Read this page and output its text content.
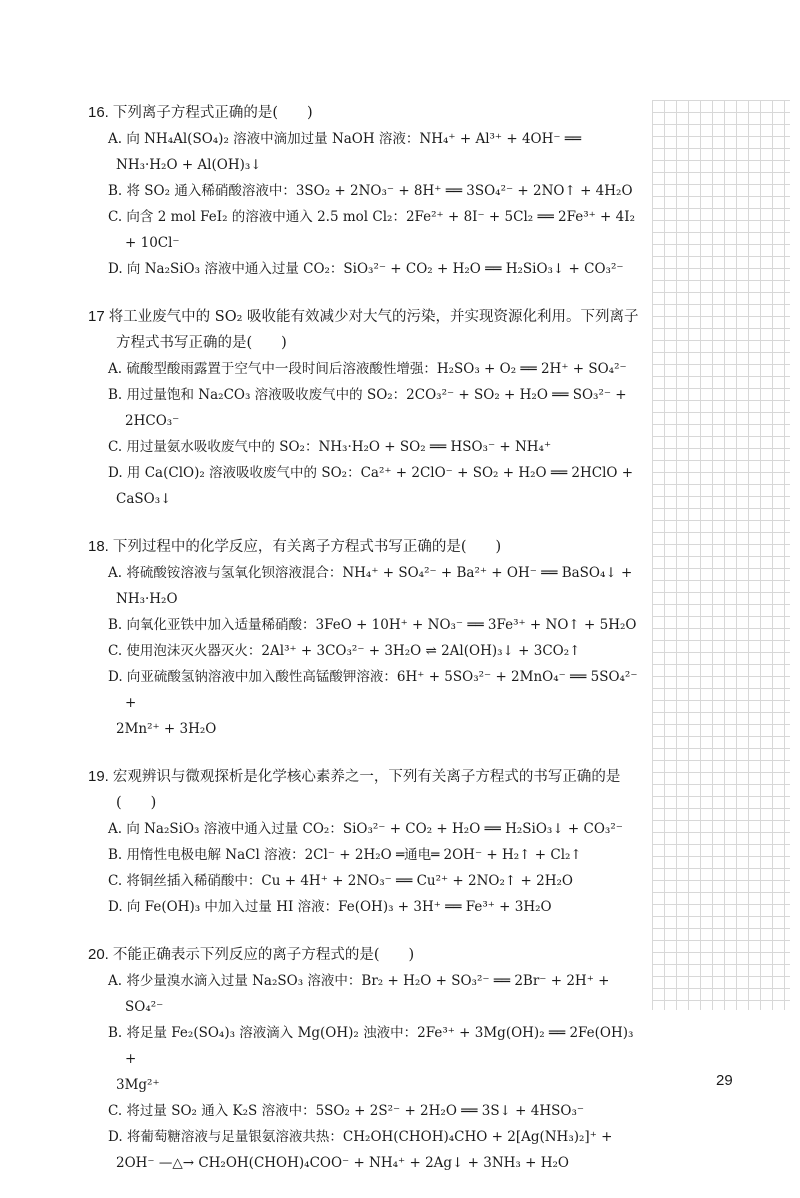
16. 下列离子方程式正确的是(　　)
A. 向 NH₄Al(SO₄)₂ 溶液中滴加过量 NaOH 溶液：NH₄⁺ + Al³⁺ + 4OH⁻ ══
NH₃·H₂O + Al(OH)₃↓
B. 将 SO₂ 通入稀硝酸溶液中：3SO₂ + 2NO₃⁻ + 8H⁺ ══ 3SO₄²⁻ + 2NO↑ + 4H₂O
C. 向含 2 mol FeI₂ 的溶液中通入 2.5 mol Cl₂：2Fe²⁺ + 8I⁻ + 5Cl₂ ══ 2Fe³⁺ + 4I₂ + 10Cl⁻
D. 向 Na₂SiO₃ 溶液中通入过量 CO₂：SiO₃²⁻ + CO₂ + H₂O ══ H₂SiO₃↓ + CO₃²⁻
17 将工业废气中的 SO₂ 吸收能有效减少对大气的污染，并实现资源化利用。下列离子方程式书写正确的是(　　)
A. 硫酸型酸雨露置于空气中一段时间后溶液酸性增强：H₂SO₃ + O₂ ══ 2H⁺ + SO₄²⁻
B. 用过量饱和 Na₂CO₃ 溶液吸收废气中的 SO₂：2CO₃²⁻ + SO₂ + H₂O ══ SO₃²⁻ + 2HCO₃⁻
C. 用过量氨水吸收废气中的 SO₂：NH₃·H₂O + SO₂ ══ HSO₃⁻ + NH₄⁺
D. 用 Ca(ClO)₂ 溶液吸收废气中的 SO₂：Ca²⁺ + 2ClO⁻ + SO₂ + H₂O ══ 2HClO +
CaSO₃↓
18. 下列过程中的化学反应，有关离子方程式书写正确的是(　　)
A. 将硫酸铵溶液与氢氧化钡溶液混合：NH₄⁺ + SO₄²⁻ + Ba²⁺ + OH⁻ ══ BaSO₄↓ +
NH₃·H₂O
B. 向氧化亚铁中加入适量稀硝酸：3FeO + 10H⁺ + NO₃⁻ ══ 3Fe³⁺ + NO↑ + 5H₂O
C. 使用泡沫灭火器灭火：2Al³⁺ + 3CO₃²⁻ + 3H₂O ⇌ 2Al(OH)₃↓ + 3CO₂↑
D. 向亚硫酸氢钠溶液中加入酸性高锰酸钾溶液：6H⁺ + 5SO₃²⁻ + 2MnO₄⁻ ══ 5SO₄²⁻ +
2Mn²⁺ + 3H₂O
19. 宏观辨识与微观探析是化学核心素养之一，下列有关离子方程式的书写正确的是(　　)
A. 向 Na₂SiO₃ 溶液中通入过量 CO₂：SiO₃²⁻ + CO₂ + H₂O ══ H₂SiO₃↓ + CO₃²⁻
B. 用惰性电极电解 NaCl 溶液：2Cl⁻ + 2H₂O ═通电═ 2OH⁻ + H₂↑ + Cl₂↑
C. 将铜丝插入稀硝酸中：Cu + 4H⁺ + 2NO₃⁻ ══ Cu²⁺ + 2NO₂↑ + 2H₂O
D. 向 Fe(OH)₃ 中加入过量 HI 溶液：Fe(OH)₃ + 3H⁺ ══ Fe³⁺ + 3H₂O
20. 不能正确表示下列反应的离子方程式的是(　　)
A. 将少量溴水滴入过量 Na₂SO₃ 溶液中：Br₂ + H₂O + SO₃²⁻ ══ 2Br⁻ + 2H⁺ + SO₄²⁻
B. 将足量 Fe₂(SO₄)₃ 溶液滴入 Mg(OH)₂ 浊液中：2Fe³⁺ + 3Mg(OH)₂ ══ 2Fe(OH)₃ +
3Mg²⁺
C. 将过量 SO₂ 通入 K₂S 溶液中：5SO₂ + 2S²⁻ + 2H₂O ══ 3S↓ + 4HSO₃⁻
D. 将葡萄糖溶液与足量银氨溶液共热：CH₂OH(CHOH)₄CHO + 2[Ag(NH₃)₂]⁺ +
2OH⁻ —△→ CH₂OH(CHOH)₄COO⁻ + NH₄⁺ + 2Ag↓ + 3NH₃ + H₂O
29
